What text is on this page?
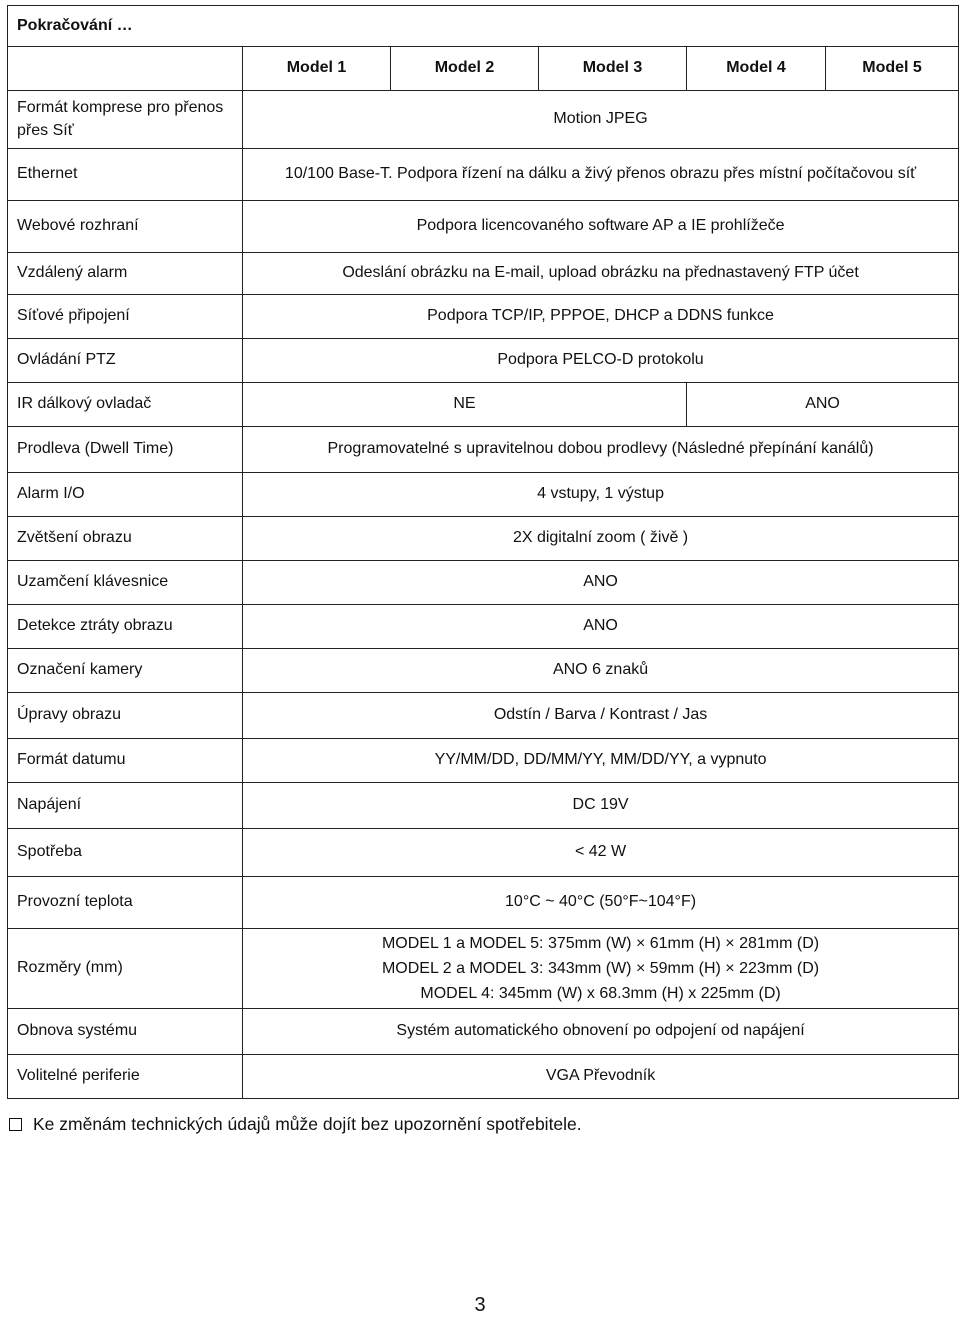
Pokračování …					
	Model 1	Model 2	Model 3	Model 4	Model 5
Formát komprese pro přenos přes Síť	Motion JPEG				
Ethernet	10/100 Base-T. Podpora řízení na dálku a živý přenos obrazu přes místní počítačovou síť				
Webové rozhraní	Podpora licencovaného software AP a IE prohlížeče				
Vzdálený alarm	Odeslání obrázku na E-mail, upload obrázku na přednastavený FTP účet				
Síťové připojení	Podpora TCP/IP, PPPOE, DHCP a DDNS funkce				
Ovládání PTZ	Podpora PELCO-D protokolu				
IR dálkový ovladač	NE			ANO	
Prodleva (Dwell Time)	Programovatelné s upravitelnou dobou prodlevy (Následné přepínání kanálů)				
Alarm I/O	4 vstupy, 1 výstup				
Zvětšení obrazu	2X digitalní zoom ( živě )				
Uzamčení klávesnice	ANO				
Detekce ztráty obrazu	ANO				
Označení kamery	ANO 6 znaků				
Úpravy obrazu	Odstín / Barva / Kontrast / Jas				
Formát datumu	YY/MM/DD, DD/MM/YY, MM/DD/YY, a vypnuto				
Napájení	DC 19V				
Spotřeba	< 42 W				
Provozní teplota	10°C ~ 40°C (50°F~104°F)				
Rozměry (mm)	MODEL 1 a MODEL 5: 375mm (W) × 61mm (H) × 281mm (D)
MODEL 2 a MODEL 3: 343mm (W) × 59mm (H) × 223mm (D)
MODEL 4: 345mm (W) x 68.3mm (H) x 225mm (D)				

Obnova systému	Systém automatického obnovení po odpojení od napájení				
Volitelné periferie	VGA Převodník				
Ke změnám technických údajů může dojít bez upozornění spotřebitele.
3
